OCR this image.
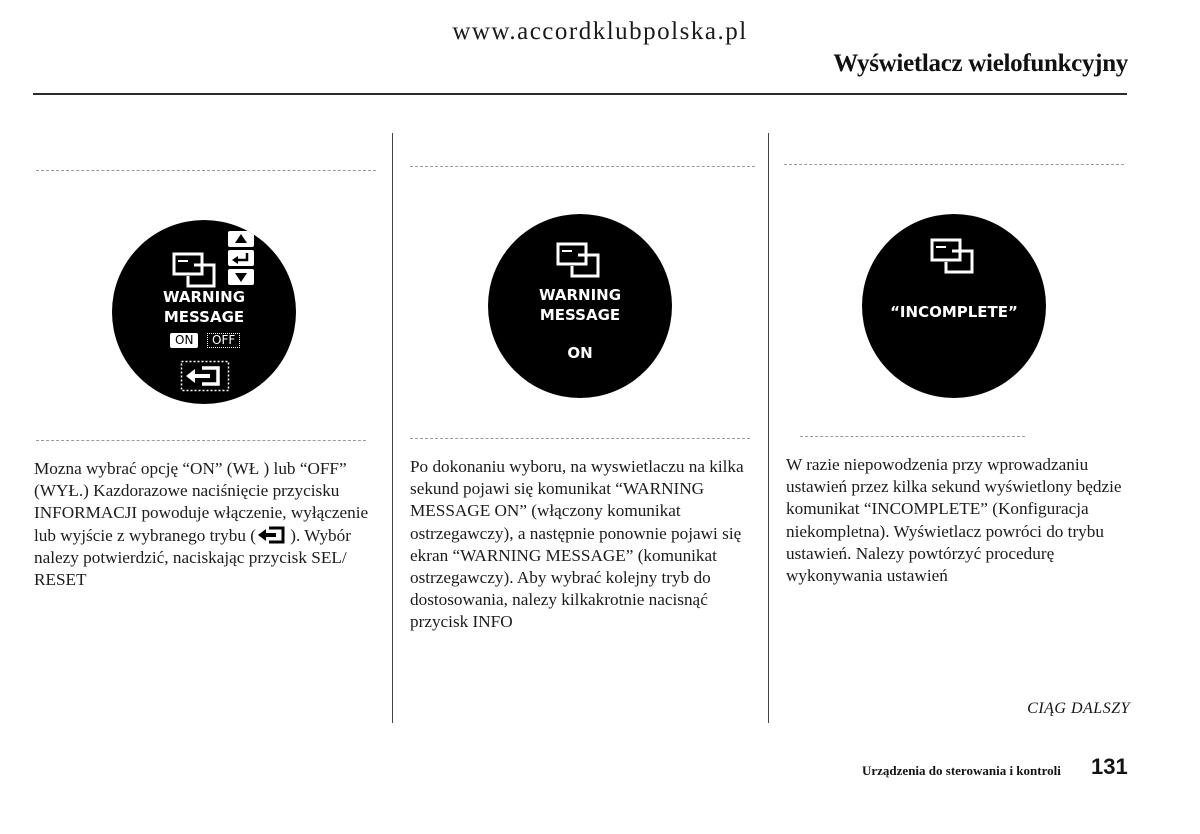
www.accordklubpolska.pl
Wyświetlacz wielofunkcyjny
WARNING
MESSAGE
ON	OFF
WARNING
MESSAGE
ON
“INCOMPLETE”
Mozna wybrać opcję “ON” (WŁ ) lub “OFF” (WYŁ.) Kazdorazowe naciśnięcie przycisku INFORMACJI powoduje włączenie, wyłączenie lub wyjście z wybranego trybu ( ). Wybór nalezy potwierdzić, naciskając przycisk SEL/ RESET
Po dokonaniu wyboru, na wyswietlaczu na kilka sekund pojawi się komunikat “WARNING MESSAGE ON” (włączony komunikat ostrzegawczy), a następnie ponownie pojawi się ekran “WARNING MESSAGE” (komunikat ostrzegawczy). Aby wybrać kolejny tryb do dostosowania, nalezy kilkakrotnie nacisnąć przycisk INFO
W razie niepowodzenia przy wprowadzaniu ustawień przez kilka sekund wyświetlony będzie komunikat “INCOMPLETE” (Konfiguracja niekompletna). Wyświetlacz powróci do trybu ustawień. Nalezy powtórzyć procedurę wykonywania ustawień
CIĄG DALSZY
Urządzenia do sterowania i kontroli 131
